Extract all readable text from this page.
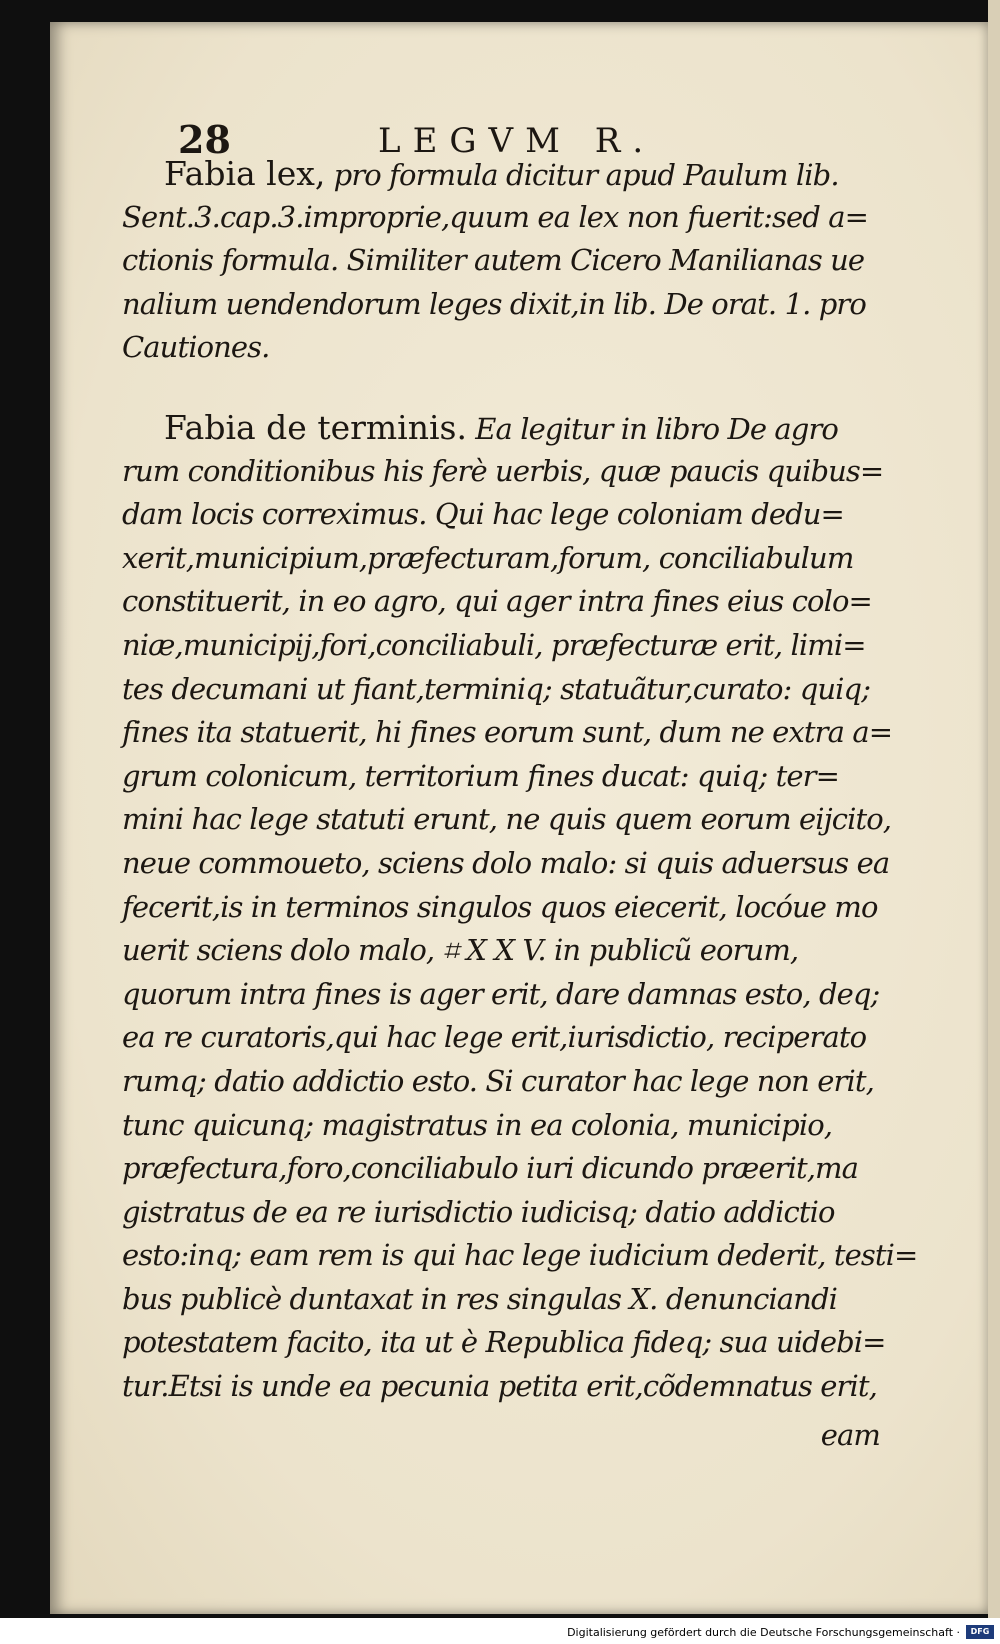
28	LEGVM R.
Fabia lex, pro formula dicitur apud Paulum lib.
Sent.3.cap.3.improprie,quum ea lex non fuerit:sed a=
ctionis formula. Similiter autem Cicero Manilianas ue
nalium uendendorum leges dixit,in lib. De orat. 1. pro
Cautiones.
Fabia de terminis. Ea legitur in libro De agro
rum conditionibus his ferè uerbis, quæ paucis quibus=
dam locis correximus. Qui hac lege coloniam dedu=
xerit,municipium,præfecturam,forum, conciliabulum
constituerit, in eo agro, qui ager intra fines eius colo=
niæ,municipij,fori,conciliabuli, præfecturæ erit, limi=
tes decumani ut fiant,terminiq; statuãtur,curato: quiq;
fines ita statuerit, hi fines eorum sunt, dum ne extra a=
grum colonicum, territorium fines ducat: quiq; ter=
mini hac lege statuti erunt, ne quis quem eorum eijcito,
neue commoueto, sciens dolo malo: si quis aduersus ea
fecerit,is in terminos singulos quos eiecerit, locóue mo
uerit sciens dolo malo, ⌗ X X V. in publicũ eorum,
quorum intra fines is ager erit, dare damnas esto, deq;
ea re curatoris,qui hac lege erit,iurisdictio, reciperato
rumq; datio addictio esto. Si curator hac lege non erit,
tunc quicunq; magistratus in ea colonia, municipio,
præfectura,foro,conciliabulo iuri dicundo præerit,ma
gistratus de ea re iurisdictio iudicisq; datio addictio
esto:inq; eam rem is qui hac lege iudicium dederit, testi=
bus publicè duntaxat in res singulas X. denunciandi
potestatem facito, ita ut è Republica fideq; sua uidebi=
tur.Etsi is unde ea pecunia petita erit,cõdemnatus erit,
eam
Digitalisierung gefördert durch die Deutsche Forschungsgemeinschaft ·	DFG
